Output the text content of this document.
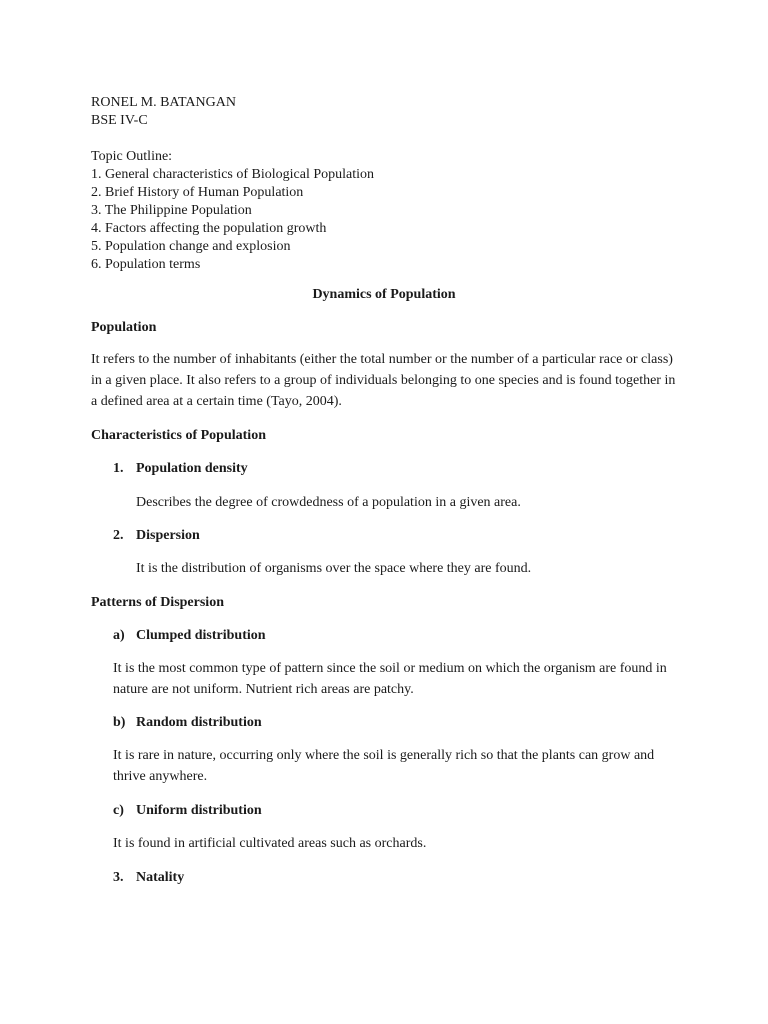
RONEL M. BATANGAN
BSE IV-C
Topic Outline:
1. General characteristics of Biological Population
2. Brief History of Human Population
3. The Philippine Population
4. Factors affecting the population growth
5. Population change and explosion
6. Population terms
Dynamics of Population
Population
It refers to the number of inhabitants (either the total number or the number of a particular race or class) in a given place. It also refers to a group of individuals belonging to one species and is found together in a defined area at a certain time (Tayo, 2004).
Characteristics of Population
1. Population density
Describes the degree of crowdedness of a population in a given area.
2. Dispersion
It is the distribution of organisms over the space where they are found.
Patterns of Dispersion
a) Clumped distribution
It is the most common type of pattern since the soil or medium on which the organism are found in nature are not uniform. Nutrient rich areas are patchy.
b) Random distribution
It is rare in nature, occurring only where the soil is generally rich so that the plants can grow and thrive anywhere.
c) Uniform distribution
It is found in artificial cultivated areas such as orchards.
3. Natality
